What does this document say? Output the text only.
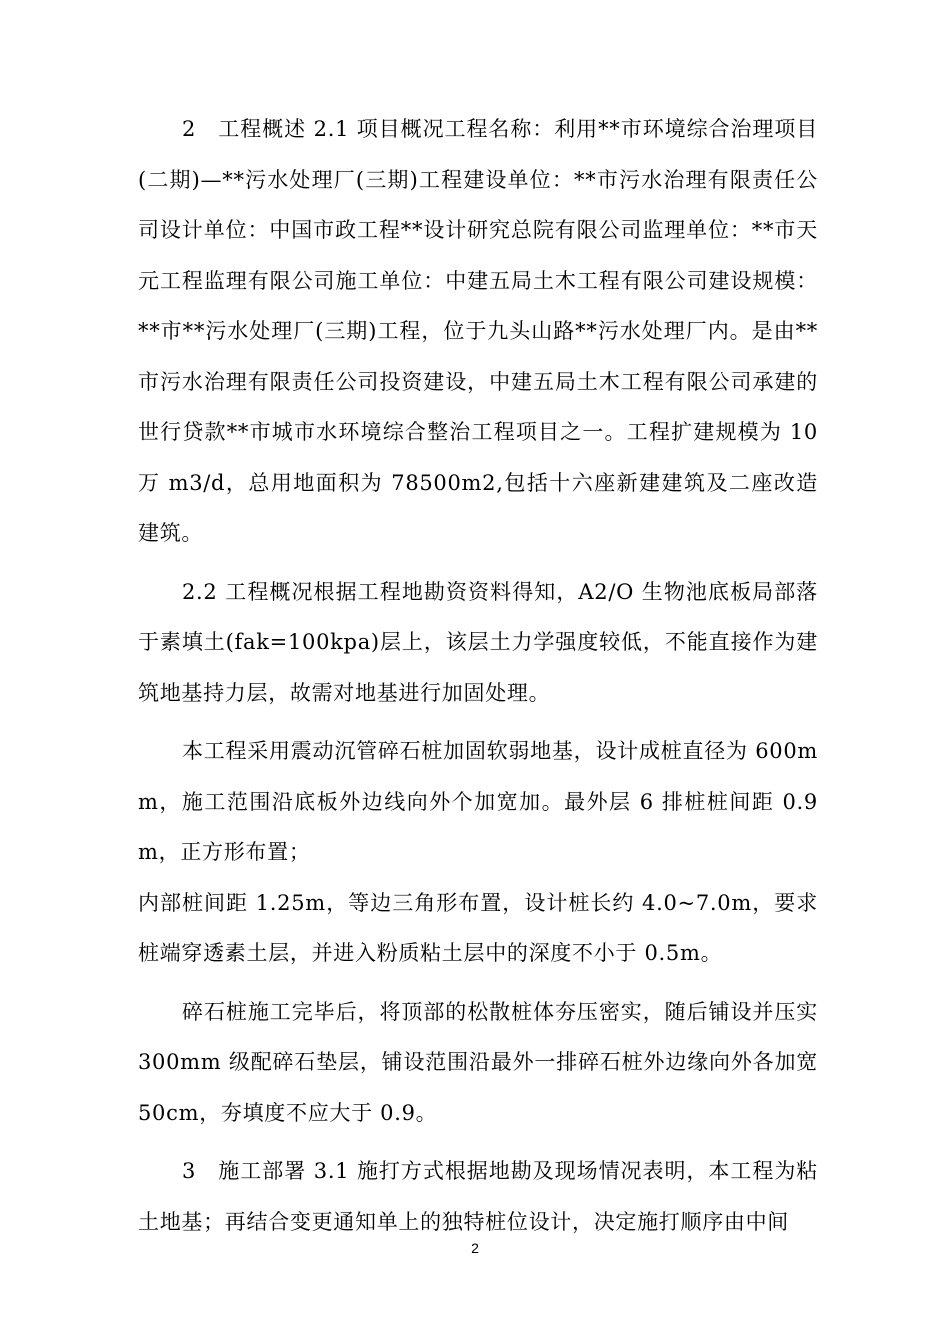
2　工程概述 2.1 项目概况工程名称：利用**市环境综合治理项目(二期)—**污水处理厂(三期)工程建设单位：**市污水治理有限责任公司设计单位：中国市政工程**设计研究总院有限公司监理单位：**市天元工程监理有限公司施工单位：中建五局土木工程有限公司建设规模：**市**污水处理厂(三期)工程，位于九头山路**污水处理厂内。是由**市污水治理有限责任公司投资建设，中建五局土木工程有限公司承建的世行贷款**市城市水环境综合整治工程项目之一。工程扩建规模为 10 万 m3/d，总用地面积为 78500m2,包括十六座新建建筑及二座改造建筑。

2.2 工程概况根据工程地勘资资料得知，A2/O 生物池底板局部落于素填土(fak=100kpa)层上，该层土力学强度较低，不能直接作为建筑地基持力层，故需对地基进行加固处理。

本工程采用震动沉管碎石桩加固软弱地基，设计成桩直径为 600mm，施工范围沿底板外边线向外个加宽加。最外层 6 排桩桩间距 0.9m，正方形布置；

内部桩间距 1.25m，等边三角形布置，设计桩长约 4.0~7.0m，要求桩端穿透素土层，并进入粉质粘土层中的深度不小于 0.5m。

碎石桩施工完毕后，将顶部的松散桩体夯压密实，随后铺设并压实 300mm 级配碎石垫层，铺设范围沿最外一排碎石桩外边缘向外各加宽 50cm，夯填度不应大于 0.9。

3　施工部署 3.1 施打方式根据地勘及现场情况表明，本工程为粘土地基；再结合变更通知单上的独特桩位设计，决定施打顺序由中间

2
